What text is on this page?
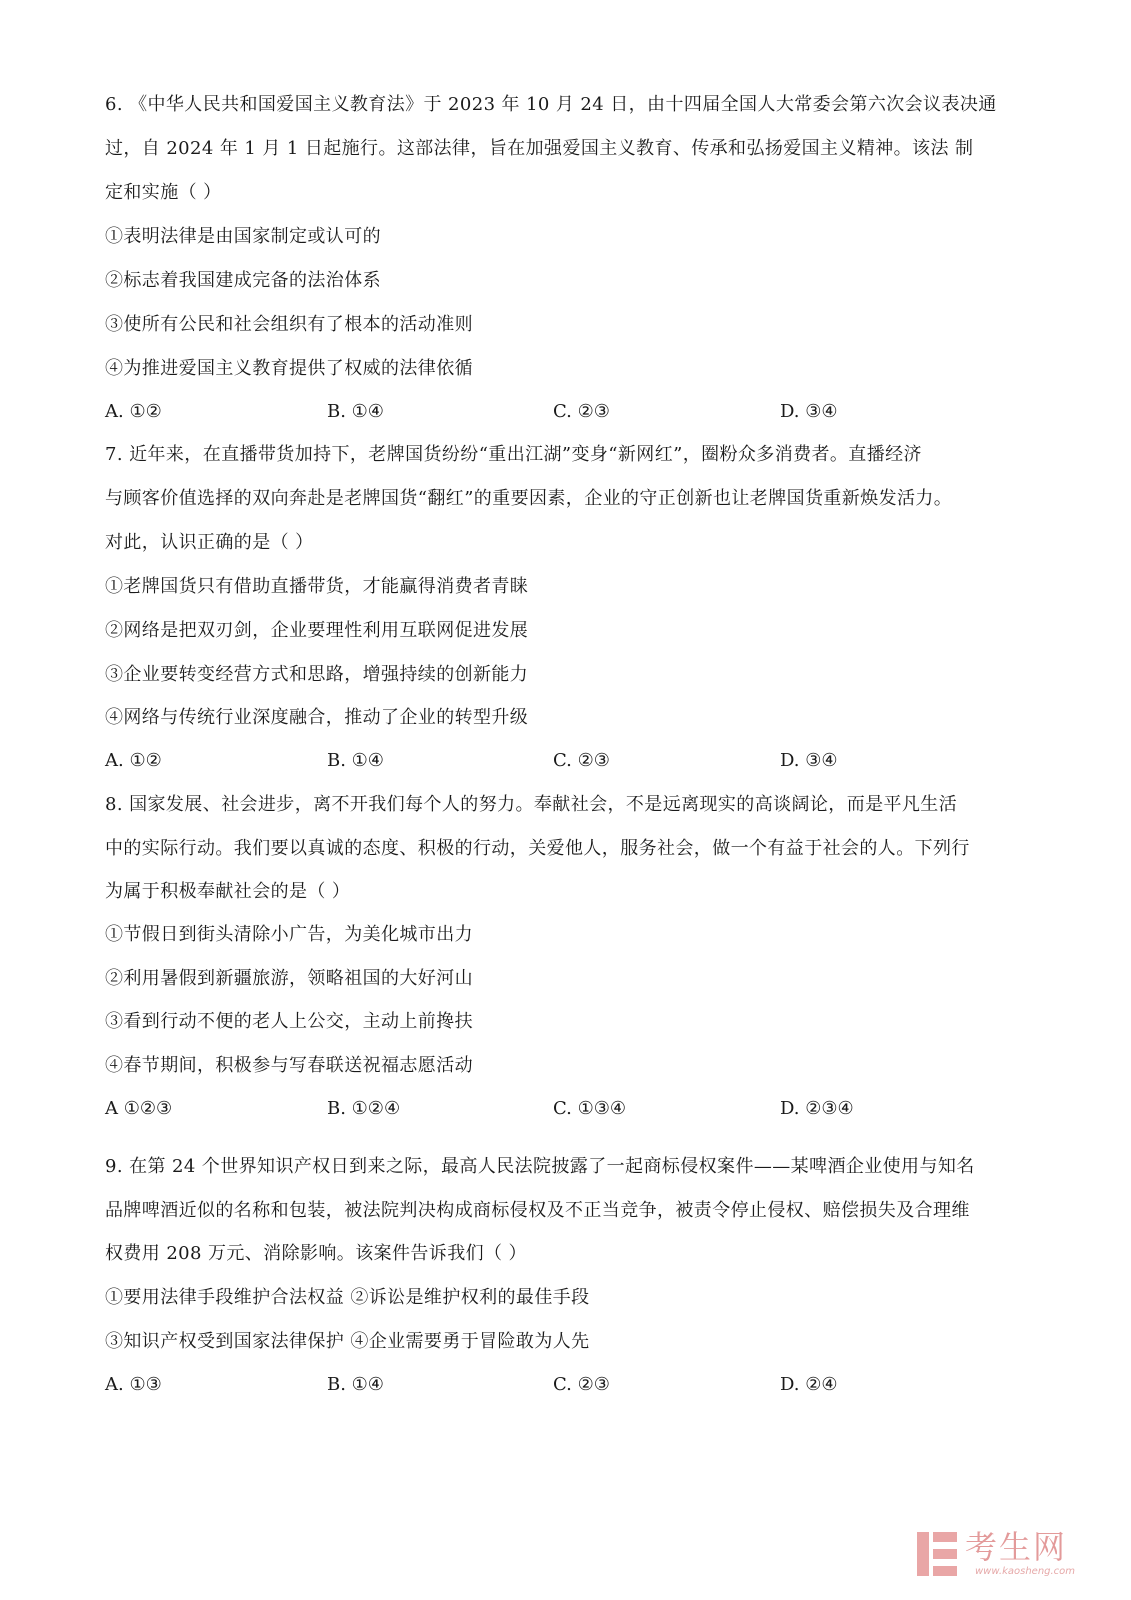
6. 《中华人民共和国爱国主义教育法》于 2023 年 10 月 24 日，由十四届全国人大常委会第六次会议表决通
过，自 2024 年 1 月 1 日起施行。这部法律，旨在加强爱国主义教育、传承和弘扬爱国主义精神。该法 制
定和实施（ ）
①表明法律是由国家制定或认可的
②标志着我国建成完备的法治体系
③使所有公民和社会组织有了根本的活动准则
④为推进爱国主义教育提供了权威的法律依循
A. ①②	B. ①④	C. ②③	D. ③④
7. 近年来，在直播带货加持下，老牌国货纷纷“重出江湖”变身“新网红”，圈粉众多消费者。直播经济
与顾客价值选择的双向奔赴是老牌国货“翻红”的重要因素，企业的守正创新也让老牌国货重新焕发活力。
对此，认识正确的是（ ）
①老牌国货只有借助直播带货，才能赢得消费者青睐
②网络是把双刃剑，企业要理性利用互联网促进发展
③企业要转变经营方式和思路，增强持续的创新能力
④网络与传统行业深度融合，推动了企业的转型升级
A. ①②	B. ①④	C. ②③	D. ③④
8. 国家发展、社会进步，离不开我们每个人的努力。奉献社会，不是远离现实的高谈阔论，而是平凡生活
中的实际行动。我们要以真诚的态度、积极的行动，关爱他人，服务社会，做一个有益于社会的人。下列行
为属于积极奉献社会的是（ ）
①节假日到街头清除小广告，为美化城市出力
②利用暑假到新疆旅游，领略祖国的大好河山
③看到行动不便的老人上公交，主动上前搀扶
④春节期间，积极参与写春联送祝福志愿活动
A ①②③	B. ①②④	C. ①③④	D. ②③④
9. 在第 24 个世界知识产权日到来之际，最高人民法院披露了一起商标侵权案件——某啤酒企业使用与知名
品牌啤酒近似的名称和包装，被法院判决构成商标侵权及不正当竞争，被责令停止侵权、赔偿损失及合理维
权费用 208 万元、消除影响。该案件告诉我们（ ）
①要用法律手段维护合法权益 ②诉讼是维护权利的最佳手段
③知识产权受到国家法律保护 ④企业需要勇于冒险敢为人先
A. ①③	B. ①④	C. ②③	D. ②④
考生网
www.kaosheng.com
